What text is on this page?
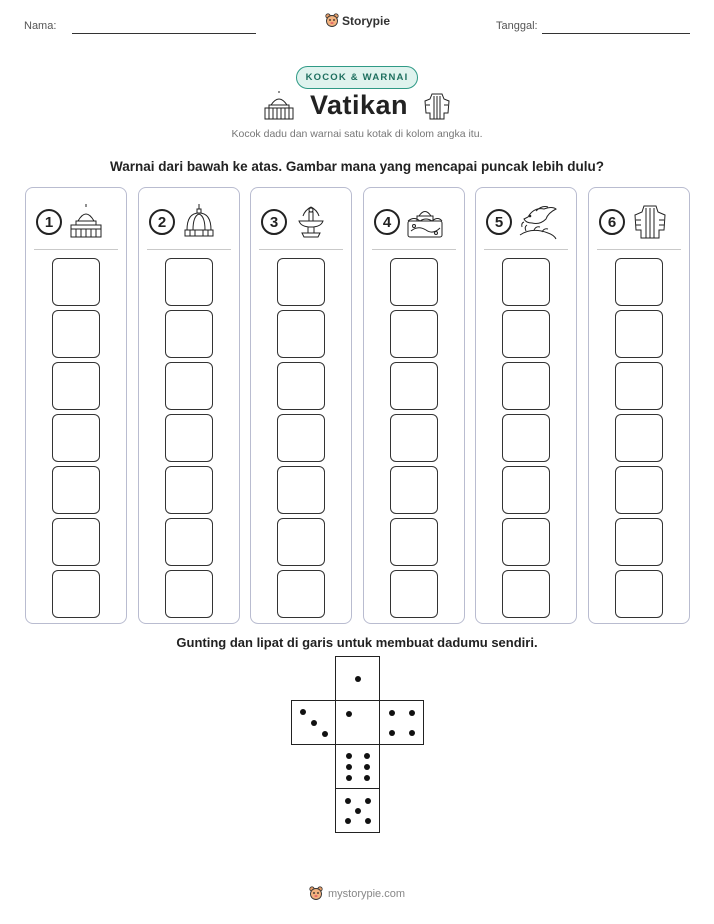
Nama:	Storypie	Tanggal:
KOCOK & WARNAI
Vatikan
Kocok dadu dan warnai satu kotak di kolom angka itu.
Warnai dari bawah ke atas. Gambar mana yang mencapai puncak lebih dulu?
1	2	3	4	5	6
Gunting dan lipat di garis untuk membuat dadumu sendiri.
mystorypie.com
